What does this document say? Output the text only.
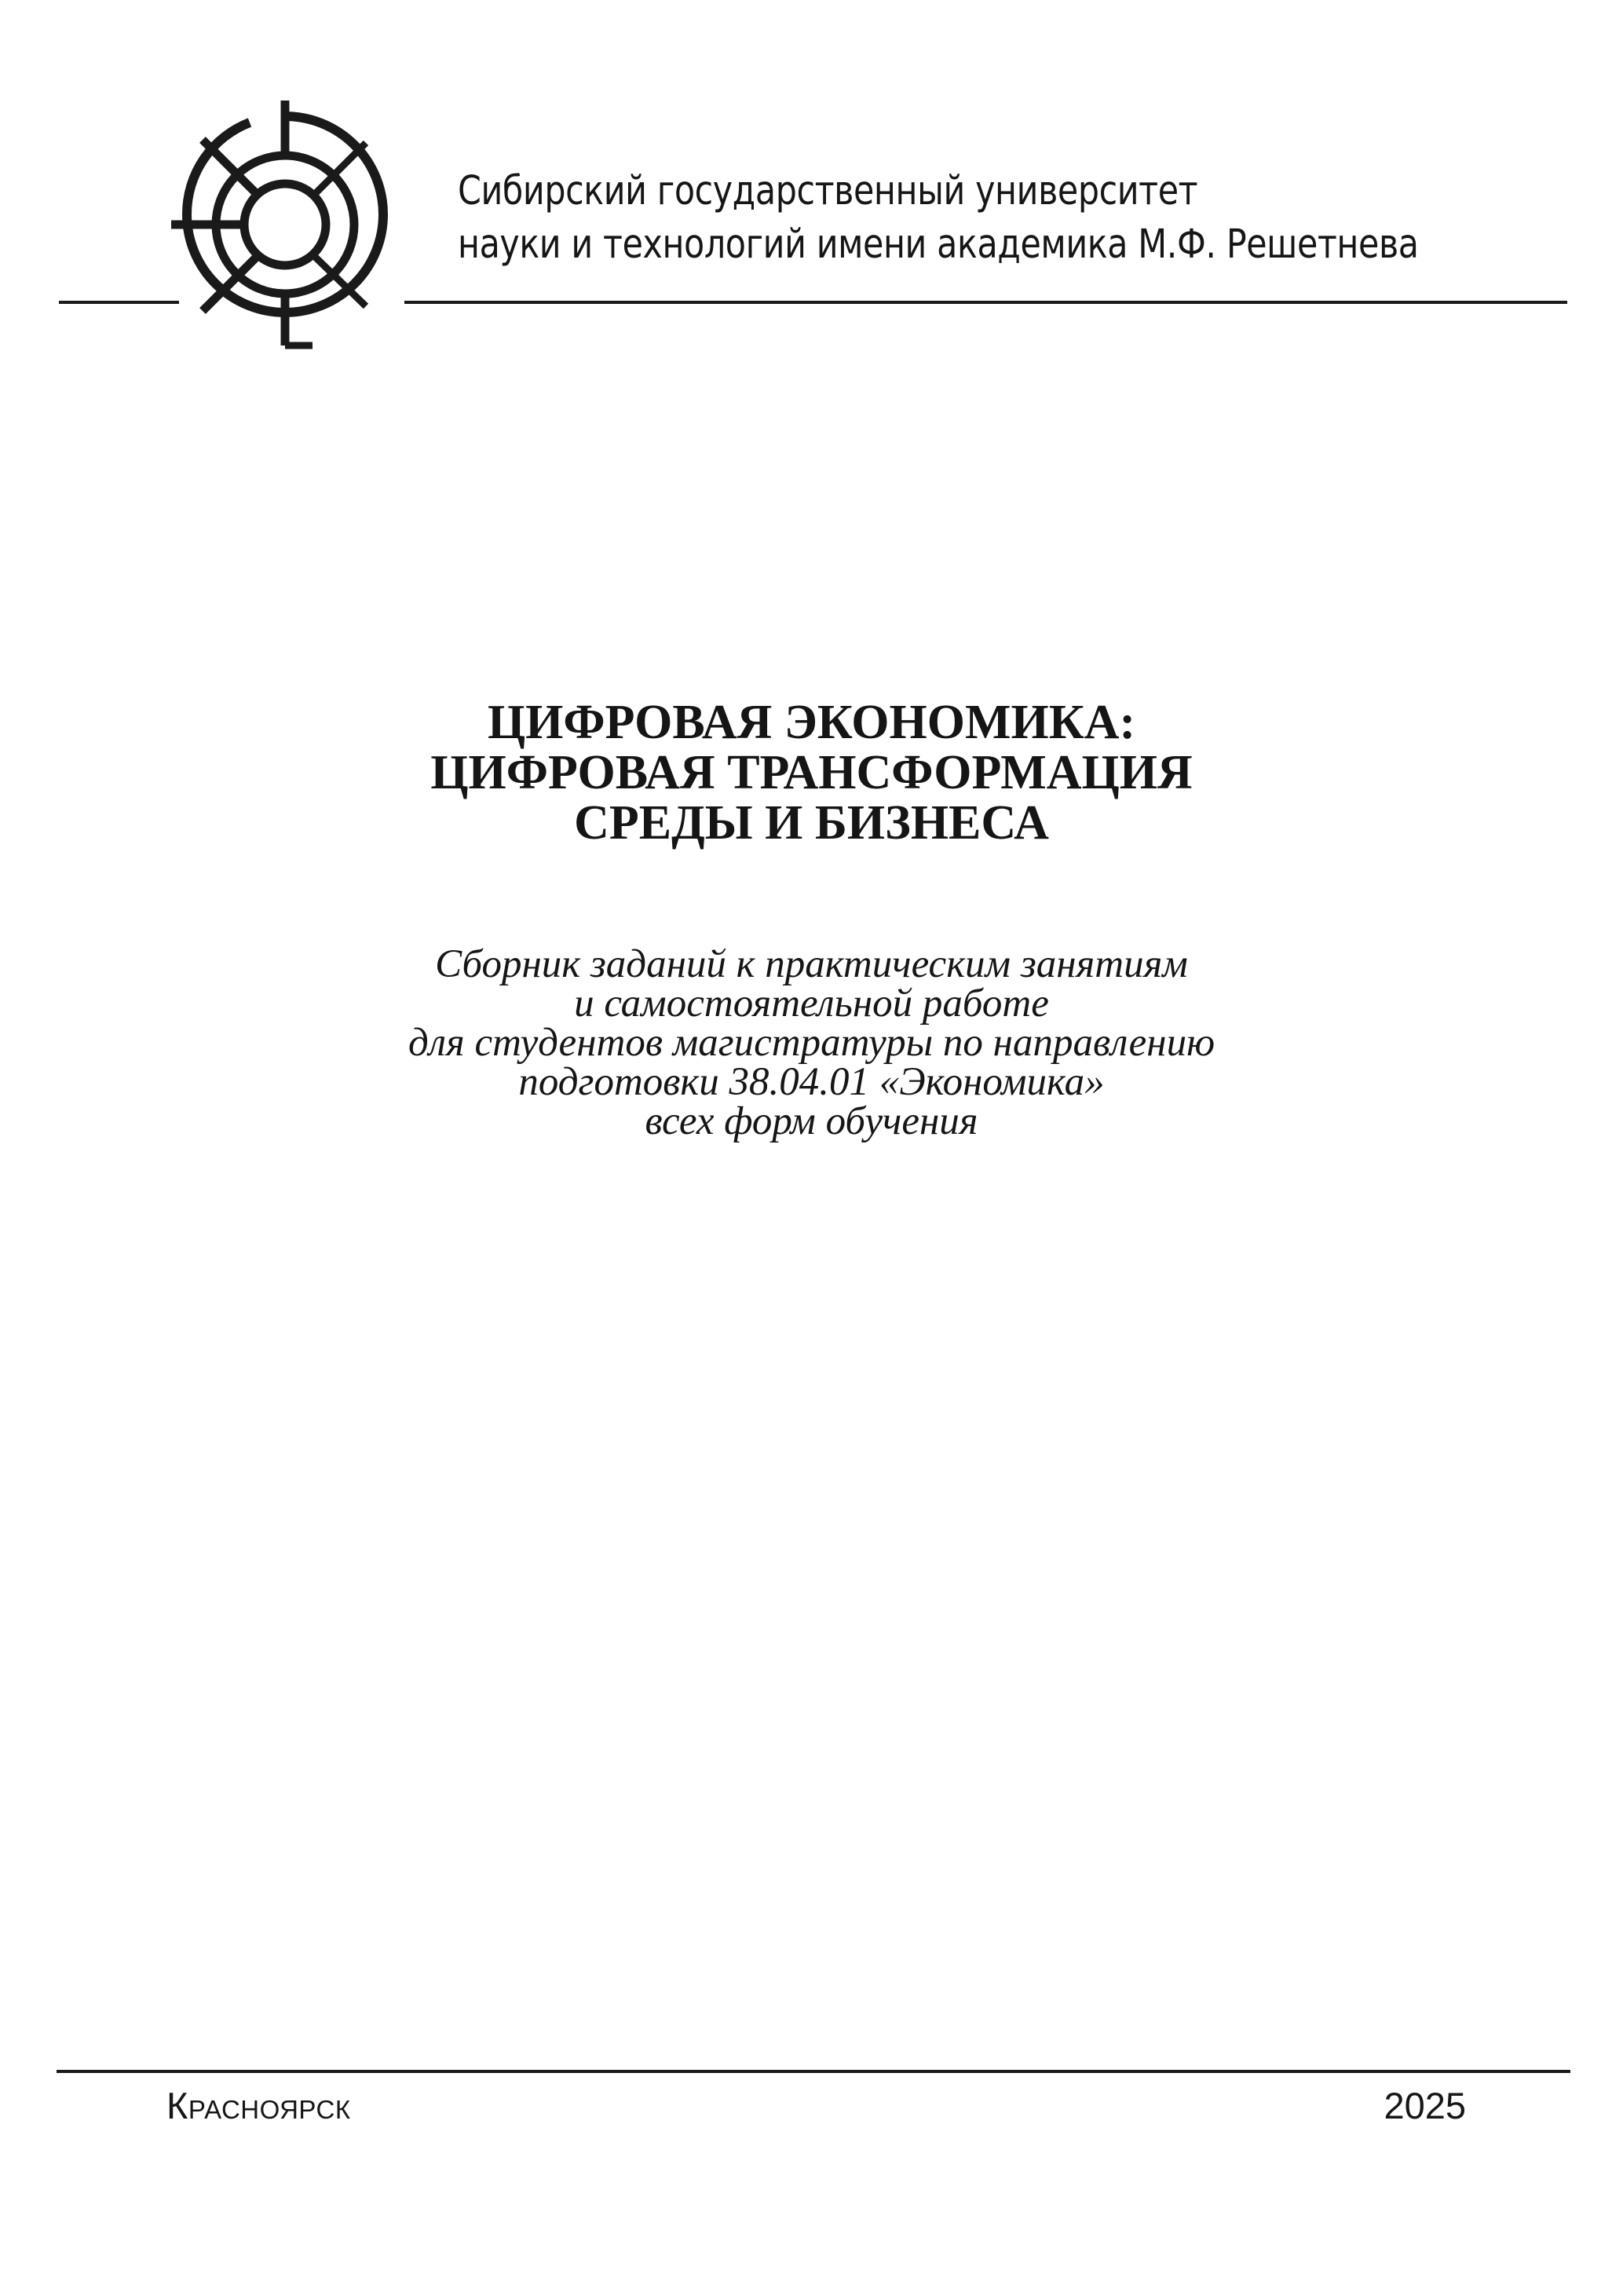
Сибирский государственный университет
науки и технологий имени академика М.Ф. Решетнева
ЦИФРОВАЯ ЭКОНОМИКА:
ЦИФРОВАЯ ТРАНСФОРМАЦИЯ
СРЕДЫ И БИЗНЕСА
Сборник заданий к практическим занятиям
и самостоятельной работе
для студентов магистратуры по направлению
подготовки 38.04.01 «Экономика»
всех форм обучения
Красноярск	2025
